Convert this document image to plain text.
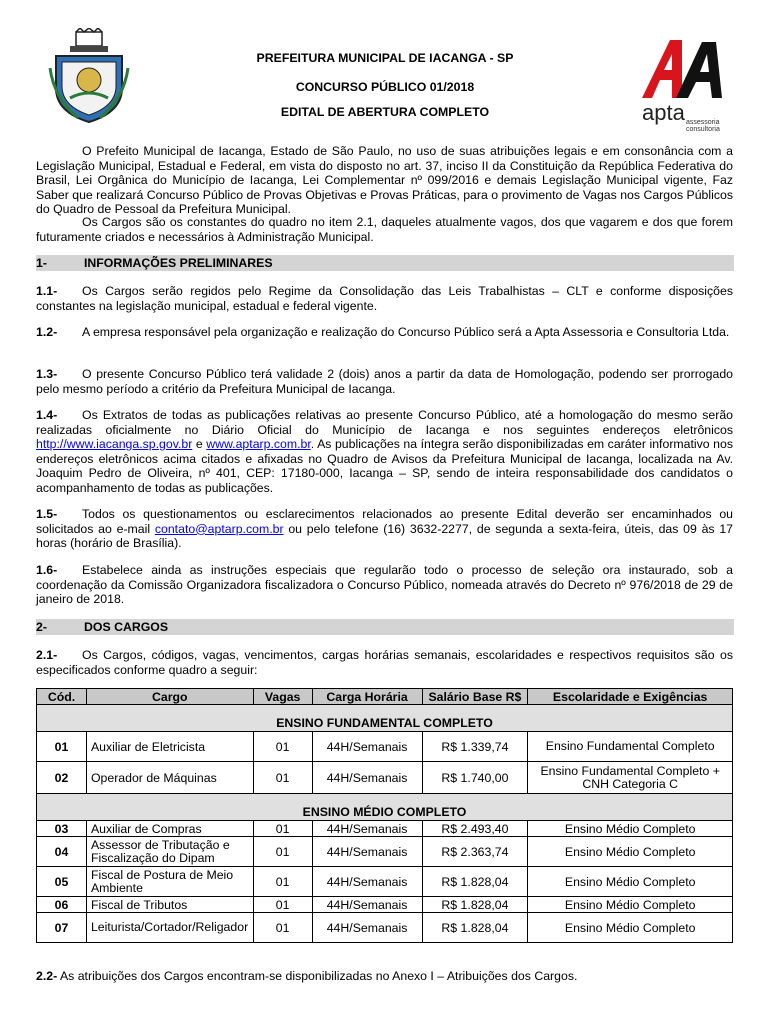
PREFEITURA MUNICIPAL DE IACANGA - SP
CONCURSO PÚBLICO 01/2018
EDITAL DE ABERTURA COMPLETO	apta assessoria
consultoria

O Prefeito Municipal de Iacanga, Estado de São Paulo, no uso de suas atribuições legais e em consonância com a Legislação Municipal, Estadual e Federal, em vista do disposto no art. 37, inciso II da Constituição da República Federativa do Brasil, Lei Orgânica do Município de Iacanga, Lei Complementar nº 099/2016 e demais Legislação Municipal vigente, Faz Saber que realizará Concurso Público de Provas Objetivas e Provas Práticas, para o provimento de Vagas nos Cargos Públicos do Quadro de Pessoal da Prefeitura Municipal.

Os Cargos são os constantes do quadro no item 2.1, daqueles atualmente vagos, dos que vagarem e dos que forem futuramente criados e necessários à Administração Municipal.

1-	INFORMAÇÕES PRELIMINARES

1.1- Os Cargos serão regidos pelo Regime da Consolidação das Leis Trabalhistas – CLT e conforme disposições constantes na legislação municipal, estadual e federal vigente.

1.2- A empresa responsável pela organização e realização do Concurso Público será a Apta Assessoria e Consultoria Ltda.

1.3- O presente Concurso Público terá validade 2 (dois) anos a partir da data de Homologação, podendo ser prorrogado pelo mesmo período a critério da Prefeitura Municipal de Iacanga.

1.4- Os Extratos de todas as publicações relativas ao presente Concurso Público, até a homologação do mesmo serão realizadas oficialmente no Diário Oficial do Município de Iacanga e nos seguintes endereços eletrônicos http://www.iacanga.sp.gov.br e www.aptarp.com.br. As publicações na íntegra serão disponibilizadas em caráter informativo nos endereços eletrônicos acima citados e afixadas no Quadro de Avisos da Prefeitura Municipal de Iacanga, localizada na Av. Joaquim Pedro de Oliveira, nº 401, CEP: 17180-000, Iacanga – SP, sendo de inteira responsabilidade dos candidatos o acompanhamento de todas as publicações.

1.5- Todos os questionamentos ou esclarecimentos relacionados ao presente Edital deverão ser encaminhados ou solicitados ao e-mail contato@aptarp.com.br ou pelo telefone (16) 3632-2277, de segunda a sexta-feira, úteis, das 09 às 17 horas (horário de Brasília).

1.6- Estabelece ainda as instruções especiais que regularão todo o processo de seleção ora instaurado, sob a coordenação da Comissão Organizadora fiscalizadora o Concurso Público, nomeada através do Decreto nº 976/2018 de 29 de janeiro de 2018.

2-	DOS CARGOS

2.1- Os Cargos, códigos, vagas, vencimentos, cargas horárias semanais, escolaridades e respectivos requisitos são os especificados conforme quadro a seguir:

Cód.	Cargo	Vagas	Carga Horária	Salário Base R$	Escolaridade e Exigências
ENSINO FUNDAMENTAL COMPLETO					
01	Auxiliar de Eletricista	01	44H/Semanais	R$ 1.339,74	Ensino Fundamental Completo
02	Operador de Máquinas	01	44H/Semanais	R$ 1.740,00	Ensino Fundamental Completo + CNH Categoria C
ENSINO MÉDIO COMPLETO					
03	Auxiliar de Compras	01	44H/Semanais	R$ 2.493,40	Ensino Médio Completo
04	Assessor de Tributação e Fiscalização do Dipam	01	44H/Semanais	R$ 2.363,74	Ensino Médio Completo
05	Fiscal de Postura de Meio Ambiente	01	44H/Semanais	R$ 1.828,04	Ensino Médio Completo
06	Fiscal de Tributos	01	44H/Semanais	R$ 1.828,04	Ensino Médio Completo
07	Leiturista/Cortador/Religador	01	44H/Semanais	R$ 1.828,04	Ensino Médio Completo

2.2- As atribuições dos Cargos encontram-se disponibilizadas no Anexo I – Atribuições dos Cargos.
